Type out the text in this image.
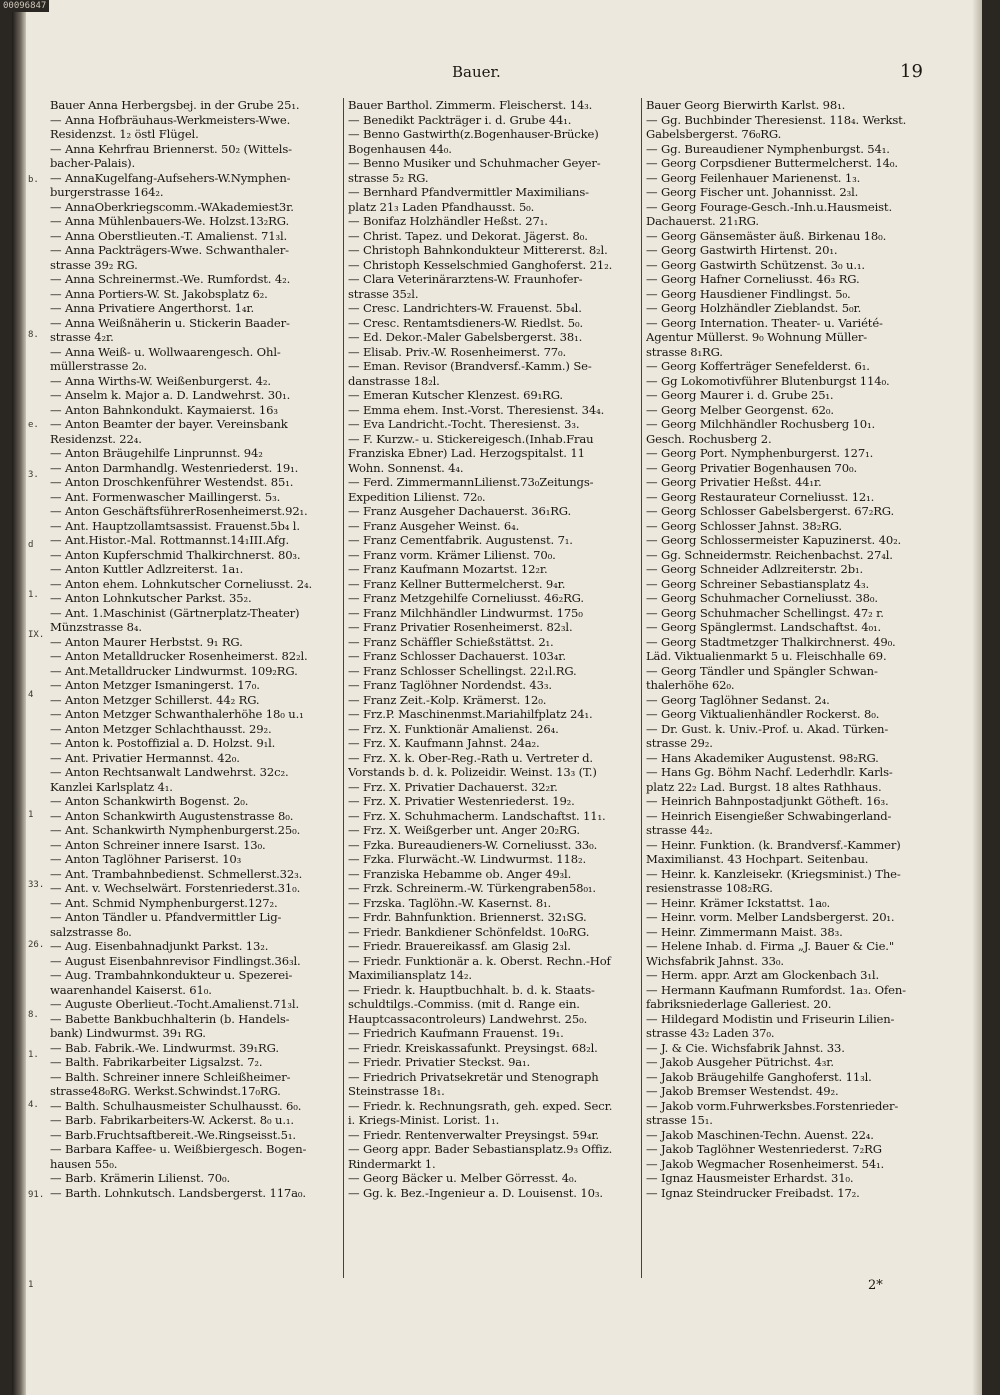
b.
8.
e.
3.
d
1.
IX.
4
1
33.
26.
8.
1.
4.
91.
1
Bauer.	19
Bauer Anna Herbergsbej. in der Grube 25₁.
— Anna Hofbräuhaus-Werkmeisters-Wwe.
Residenzst. 1₂ östl Flügel.
— Anna Kehrfrau Briennerst. 50₂ (Wittels-
bacher-Palais).
— AnnaKugelfang-Aufsehers-W.Nymphen-
burgerstrasse 164₂.
— AnnaOberkriegscomm.-WAkademiest3r.
— Anna Mühlenbauers-We. Holzst.13₂RG.
— Anna Oberstlieuten.-T. Amalienst. 71₃l.
— Anna Packträgers-Wwe. Schwanthaler-
strasse 39₂ RG.
— Anna Schreinermst.-We. Rumfordst. 4₂.
— Anna Portiers-W. St. Jakobsplatz 6₂.
— Anna Privatiere Angerthorst. 1₄r.
— Anna Weißnäherin u. Stickerin Baader-
strasse 4₂r.
— Anna Weiß- u. Wollwaarengesch. Ohl-
müllerstrasse 2₀.
— Anna Wirths-W. Weißenburgerst. 4₂.
— Anselm k. Major a. D. Landwehrst. 30₁.
— Anton Bahnkondukt. Kaymaierst. 16₃
— Anton Beamter der bayer. Vereinsbank
Residenzst. 22₄.
— Anton Bräugehilfe Linprunnst. 94₂
— Anton Darmhandlg. Westenriederst. 19₁.
— Anton Droschkenführer Westendst. 85₁.
— Ant. Formenwascher Maillingerst. 5₃.
— Anton GeschäftsführerRosenheimerst.92₁.
— Ant. Hauptzollamtsassist. Frauenst.5b₄ l.
— Ant.Histor.-Mal. Rottmannst.14₁III.Afg.
— Anton Kupferschmid Thalkirchnerst. 80₃.
— Anton Kuttler Adlzreiterst. 1a₁.
— Anton ehem. Lohnkutscher Corneliusst. 2₄.
— Anton Lohnkutscher Parkst. 35₂.
— Ant. 1.Maschinist (Gärtnerplatz-Theater)
Münzstrasse 8₄.
— Anton Maurer Herbstst. 9₁ RG.
— Anton Metalldrucker Rosenheimerst. 82₂l.
— Ant.Metalldrucker Lindwurmst. 109₂RG.
— Anton Metzger Ismaningerst. 17₀.
— Anton Metzger Schillerst. 44₂ RG.
— Anton Metzger Schwanthalerhöhe 18₀ u.₁
— Anton Metzger Schlachthausst. 29₂.
— Anton k. Postoffizial a. D. Holzst. 9₁l.
— Ant. Privatier Hermannst. 42₀.
— Anton Rechtsanwalt Landwehrst. 32c₂.
Kanzlei Karlsplatz 4₁.
— Anton Schankwirth Bogenst. 2₀.
— Anton Schankwirth Augustenstrasse 8₀.
— Ant. Schankwirth Nymphenburgerst.25₀.
— Anton Schreiner innere Isarst. 13₀.
— Anton Taglöhner Pariserst. 10₃
— Ant. Trambahnbedienst. Schmellerst.32₃.
— Ant. v. Wechselwärt. Forstenriederst.31₀.
— Ant. Schmid Nymphenburgerst.127₂.
— Anton Tändler u. Pfandvermittler Lig-
salzstrasse 8₀.
— Aug. Eisenbahnadjunkt Parkst. 13₂.
— August Eisenbahnrevisor Findlingst.36₃l.
— Aug. Trambahnkondukteur u. Spezerei-
waarenhandel Kaiserst. 61₀.
— Auguste Oberlieut.-Tocht.Amalienst.71₃l.
— Babette Bankbuchhalterin (b. Handels-
bank) Lindwurmst. 39₁ RG.
— Bab. Fabrik.-We. Lindwurmst. 39₁RG.
— Balth. Fabrikarbeiter Ligsalzst. 7₂.
— Balth. Schreiner innere Schleißheimer-
strasse48₀RG. Werkst.Schwindst.17₀RG.
— Balth. Schulhausmeister Schulhausst. 6₀.
— Barb. Fabrikarbeiters-W. Ackerst. 8₀ u.₁.
— Barb.Fruchtsaftbereit.-We.Ringseisst.5₁.
— Barbara Kaffee- u. Weißbiergesch. Bogen-
hausen 55₀.
— Barb. Krämerin Lilienst. 70₀.
— Barth. Lohnkutsch. Landsbergerst. 117a₀.
Bauer Barthol. Zimmerm. Fleischerst. 14₃.
— Benedikt Packträger i. d. Grube 44₁.
— Benno Gastwirth(z.Bogenhauser-Brücke)
Bogenhausen 44₀.
— Benno Musiker und Schuhmacher Geyer-
strasse 5₂ RG.
— Bernhard Pfandvermittler Maximilians-
platz 21₃ Laden Pfandhausst. 5₀.
— Bonifaz Holzhändler Heßst. 27₁.
— Christ. Tapez. und Dekorat. Jägerst. 8₀.
— Christoph Bahnkondukteur Mittererst. 8₂l.
— Christoph Kesselschmied Ganghoferst. 21₂.
— Clara Veterinärarztens-W. Fraunhofer-
strasse 35₂l.
— Cresc. Landrichters-W. Frauenst. 5b₄l.
— Cresc. Rentamtsdieners-W. Riedlst. 5₀.
— Ed. Dekor.-Maler Gabelsbergerst. 38₁.
— Elisab. Priv.-W. Rosenheimerst. 77₀.
— Eman. Revisor (Brandversf.-Kamm.) Se-
danstrasse 18₂l.
— Emeran Kutscher Klenzest. 69₁RG.
— Emma ehem. Inst.-Vorst. Theresienst. 34₄.
— Eva Landricht.-Tocht. Theresienst. 3₃.
— F. Kurzw.- u. Stickereigesch.(Inhab.Frau
Franziska Ebner) Lad. Herzogspitalst. 11
Wohn. Sonnenst. 4₄.
— Ferd. ZimmermannLilienst.73₀Zeitungs-
Expedition Lilienst. 72₀.
— Franz Ausgeher Dachauerst. 36₁RG.
— Franz Ausgeher Weinst. 6₄.
— Franz Cementfabrik. Augustenst. 7₁.
— Franz vorm. Krämer Lilienst. 70₀.
— Franz Kaufmann Mozartst. 12₂r.
— Franz Kellner Buttermelcherst. 9₄r.
— Franz Metzgehilfe Corneliusst. 46₂RG.
— Franz Milchhändler Lindwurmst. 175₀
— Franz Privatier Rosenheimerst. 82₃l.
— Franz Schäffler Schießstättst. 2₁.
— Franz Schlosser Dachauerst. 103₄r.
— Franz Schlosser Schellingst. 22₁l.RG.
— Franz Taglöhner Nordendst. 43₃.
— Franz Zeit.-Kolp. Krämerst. 12₀.
— Frz.P. Maschinenmst.Mariahilfplatz 24₁.
— Frz. X. Funktionär Amalienst. 26₄.
— Frz. X. Kaufmann Jahnst. 24a₂.
— Frz. X. k. Ober-Reg.-Rath u. Vertreter d.
Vorstands b. d. k. Polizeidir. Weinst. 13₃ (T.)
— Frz. X. Privatier Dachauerst. 32₂r.
— Frz. X. Privatier Westenriederst. 19₂.
— Frz. X. Schuhmacherm. Landschaftst. 11₁.
— Frz. X. Weißgerber unt. Anger 20₂RG.
— Fzka. Bureaudieners-W. Corneliusst. 33₀.
— Fzka. Flurwächt.-W. Lindwurmst. 118₂.
— Franziska Hebamme ob. Anger 49₃l.
— Frzk. Schreinerm.-W. Türkengraben58₀₁.
— Frzska. Taglöhn.-W. Kasernst. 8₁.
— Frdr. Bahnfunktion. Briennerst. 32₁SG.
— Friedr. Bankdiener Schönfeldst. 10₀RG.
— Friedr. Brauereikassf. am Glasig 2₃l.
— Friedr. Funktionär a. k. Oberst. Rechn.-Hof
Maximiliansplatz 14₂.
— Friedr. k. Hauptbuchhalt. b. d. k. Staats-
schuldtilgs.-Commiss. (mit d. Range ein.
Hauptcassacontroleurs) Landwehrst. 25₀.
— Friedrich Kaufmann Frauenst. 19₁.
— Friedr. Kreiskassafunkt. Preysingst. 68₂l.
— Friedr. Privatier Steckst. 9a₁.
— Friedrich Privatsekretär und Stenograph
Steinstrasse 18₁.
— Friedr. k. Rechnungsrath, geh. exped. Secr.
i. Kriegs-Minist. Lorist. 1₁.
— Friedr. Rentenverwalter Preysingst. 59₄r.
— Georg appr. Bader Sebastiansplatz.9₃ Offiz.
Rindermarkt 1.
— Georg Bäcker u. Melber Görresst. 4₀.
— Gg. k. Bez.-Ingenieur a. D. Louisenst. 10₃.
Bauer Georg Bierwirth Karlst. 98₁.
— Gg. Buchbinder Theresienst. 118₄. Werkst.
Gabelsbergerst. 76₀RG.
— Gg. Bureaudiener Nymphenburgst. 54₁.
— Georg Corpsdiener Buttermelcherst. 14₀.
— Georg Feilenhauer Marienenst. 1₃.
— Georg Fischer unt. Johannisst. 2₃l.
— Georg Fourage-Gesch.-Inh.u.Hausmeist.
Dachauerst. 21₁RG.
— Georg Gänsemäster äuß. Birkenau 18₀.
— Georg Gastwirth Hirtenst. 20₁.
— Georg Gastwirth Schützenst. 3₀ u.₁.
— Georg Hafner Corneliusst. 46₃ RG.
— Georg Hausdiener Findlingst. 5₀.
— Georg Holzhändler Zieblandst. 5₀r.
— Georg Internation. Theater- u. Variété-
Agentur Müllerst. 9₀ Wohnung Müller-
strasse 8₁RG.
— Georg Kofferträger Senefelderst. 6₁.
— Gg Lokomotivführer Blutenburgst 114₀.
— Georg Maurer i. d. Grube 25₁.
— Georg Melber Georgenst. 62₀.
— Georg Milchhändler Rochusberg 10₁.
Gesch. Rochusberg 2.
— Georg Port. Nymphenburgerst. 127₁.
— Georg Privatier Bogenhausen 70₀.
— Georg Privatier Heßst. 44₁r.
— Georg Restaurateur Corneliusst. 12₁.
— Georg Schlosser Gabelsbergerst. 67₂RG.
— Georg Schlosser Jahnst. 38₂RG.
— Georg Schlossermeister Kapuzinerst. 40₂.
— Gg. Schneidermstr. Reichenbachst. 27₄l.
— Georg Schneider Adlzreiterstr. 2b₁.
— Georg Schreiner Sebastiansplatz 4₃.
— Georg Schuhmacher Corneliusst. 38₀.
— Georg Schuhmacher Schellingst. 47₂ r.
— Georg Spänglermst. Landschaftst. 4₀₁.
— Georg Stadtmetzger Thalkirchnerst. 49₀.
Läd. Viktualienmarkt 5 u. Fleischhalle 69.
— Georg Tändler und Spängler Schwan-
thalerhöhe 62₀.
— Georg Taglöhner Sedanst. 2₄.
— Georg Viktualienhändler Rockerst. 8₀.
— Dr. Gust. k. Univ.-Prof. u. Akad. Türken-
strasse 29₂.
— Hans Akademiker Augustenst. 98₂RG.
— Hans Gg. Böhm Nachf. Lederhdlr. Karls-
platz 22₂ Lad. Burgst. 18 altes Rathhaus.
— Heinrich Bahnpostadjunkt Götheft. 16₃.
— Heinrich Eisengießer Schwabingerland-
strasse 44₂.
— Heinr. Funktion. (k. Brandversf.-Kammer)
Maximilianst. 43 Hochpart. Seitenbau.
— Heinr. k. Kanzleisekr. (Kriegsminist.) The-
resienstrasse 108₂RG.
— Heinr. Krämer Ickstattst. 1a₀.
— Heinr. vorm. Melber Landsbergerst. 20₁.
— Heinr. Zimmermann Maist. 38₃.
— Helene Inhab. d. Firma „J. Bauer & Cie."
Wichsfabrik Jahnst. 33₀.
— Herm. appr. Arzt am Glockenbach 3₁l.
— Hermann Kaufmann Rumfordst. 1a₃. Ofen-
fabriksniederlage Galleriest. 20.
— Hildegard Modistin und Friseurin Lilien-
strasse 43₂ Laden 37₀.
— J. & Cie. Wichsfabrik Jahnst. 33.
— Jakob Ausgeher Pütrichst. 4₃r.
— Jakob Bräugehilfe Ganghoferst. 11₃l.
— Jakob Bremser Westendst. 49₂.
— Jakob vorm.Fuhrwerksbes.Forstenrieder-
strasse 15₁.
— Jakob Maschinen-Techn. Auenst. 22₄.
— Jakob Taglöhner Westenriederst. 7₂RG
— Jakob Wegmacher Rosenheimerst. 54₁.
— Ignaz Hausmeister Erhardst. 31₀.
— Ignaz Steindrucker Freibadst. 17₂.
2*
00096847
